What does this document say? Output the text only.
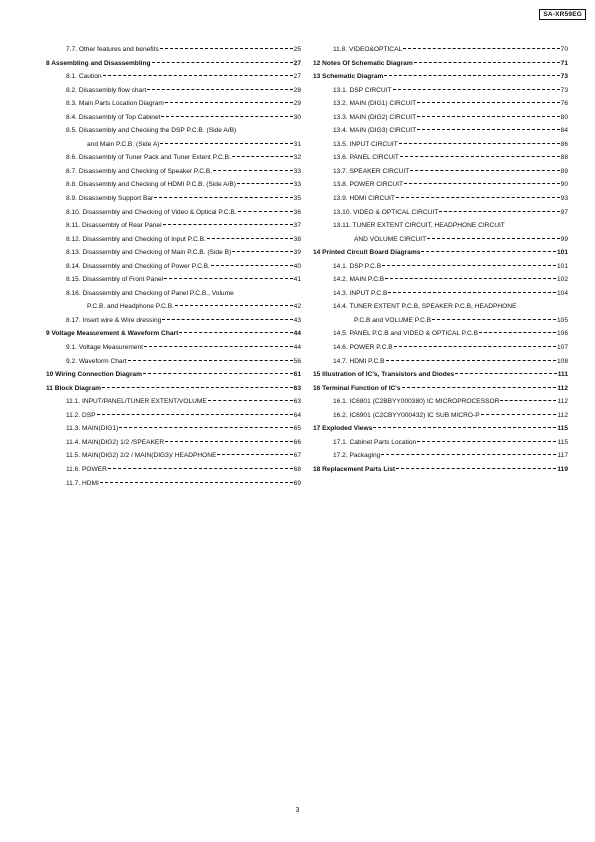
SA-XR59EG
7.7. Other features and benefits	25
8 Assembling and Disassembling	27
8.1. Caution	27
8.2. Disassembly flow chart	28
8.3. Main Parts Location Diagram	29
8.4. Disassembly of Top Cabinet	30
8.5. Disassembly and Checking the DSP P.C.B. (Side A/B)
and Main P.C.B. (Side A)	31
8.6. Disassembly of Tuner Pack and Tuner Extent P.C.B.	32
8.7. Disassembly and Checking of Speaker P.C.B.	33
8.8. Disassembly and Checking of HDMI P.C.B. (Side A/B)	33
8.9. Disassembly Support Bar	35
8.10. Disassembly and Checking of Video & Optical P.C.B.	36
8.11. Disassembly of Rear Panel	37
8.12. Disassembly and Checking of Input P.C.B.	38
8.13. Disassembly and Checking of Main P.C.B. (Side B)	39
8.14. Disassembly and Checking of Power P.C.B.	40
8.15. Disassembly of Front Panel	41
8.16. Disassembly and Checking of Panel P.C.B., Volume
P.C.B. and Headphone P.C.B.	42
8.17. Insert wire & Wire dressing	43
9 Voltage Measurement & Waveform Chart	44
9.1. Voltage Measurement	44
9.2. Waveform Chart	56
10 Wiring Connection Diagram	61
11 Block Diagram	63
11.1. INPUT/PANEL/TUNER EXTENT/VOLUME	63
11.2. DSP	64
11.3. MAIN(DIG1)	65
11.4. MAIN(DIG2) 1/2 /SPEAKER	66
11.5. MAIN(DIG2) 2/2 / MAIN(DIG3)/ HEADPHONE	67
11.6. POWER	68
11.7. HDMI	69
11.8. VIDEO&OPTICAL	70
12 Notes Of Schematic Diagram	71
13 Schematic Diagram	73
13.1. DSP CIRCUIT	73
13.2. MAIN (DIG1) CIRCUIT	76
13.3. MAIN (DIG2) CIRCUIT	80
13.4. MAIN (DIG3) CIRCUIT	84
13.5. INPUT CIRCUIT	86
13.6. PANEL CIRCUIT	88
13.7. SPEAKER CIRCUIT	89
13.8. POWER CIRCUIT	90
13.9. HDMI CIRCUIT	93
13.10. VIDEO & OPTICAL CIRCUIT	97
13.11. TUNER EXTENT CIRCUIT, HEADPHONE CIRCUIT
AND VOLUME CIRCUIT	99
14 Printed Circuit Board Diagrams	101
14.1. DSP P.C.B	101
14.2. MAIN P.C.B	102
14.3. INPUT P.C.B	104
14.4. TUNER EXTENT P.C.B, SPEAKER P.C.B, HEADPHONE
P.C.B and VOLUME P.C.B	105
14.5. PANEL P.C.B and VIDEO & OPTICAL P.C.B	106
14.6. POWER P.C.B	107
14.7. HDMI P.C.B	108
15 Illustration of IC's, Transistors and Diodes	111
16 Terminal Function of IC's	112
16.1. IC6801 (C2BBYY000380) IC MICROPROCESSOR	112
16.2. IC6901 (C2CBYY000432) IC SUB MICRO-P	112
17 Exploded Views	115
17.1. Cabinet Parts Location	115
17.2. Packaging	117
18 Replacement Parts List	119
3
